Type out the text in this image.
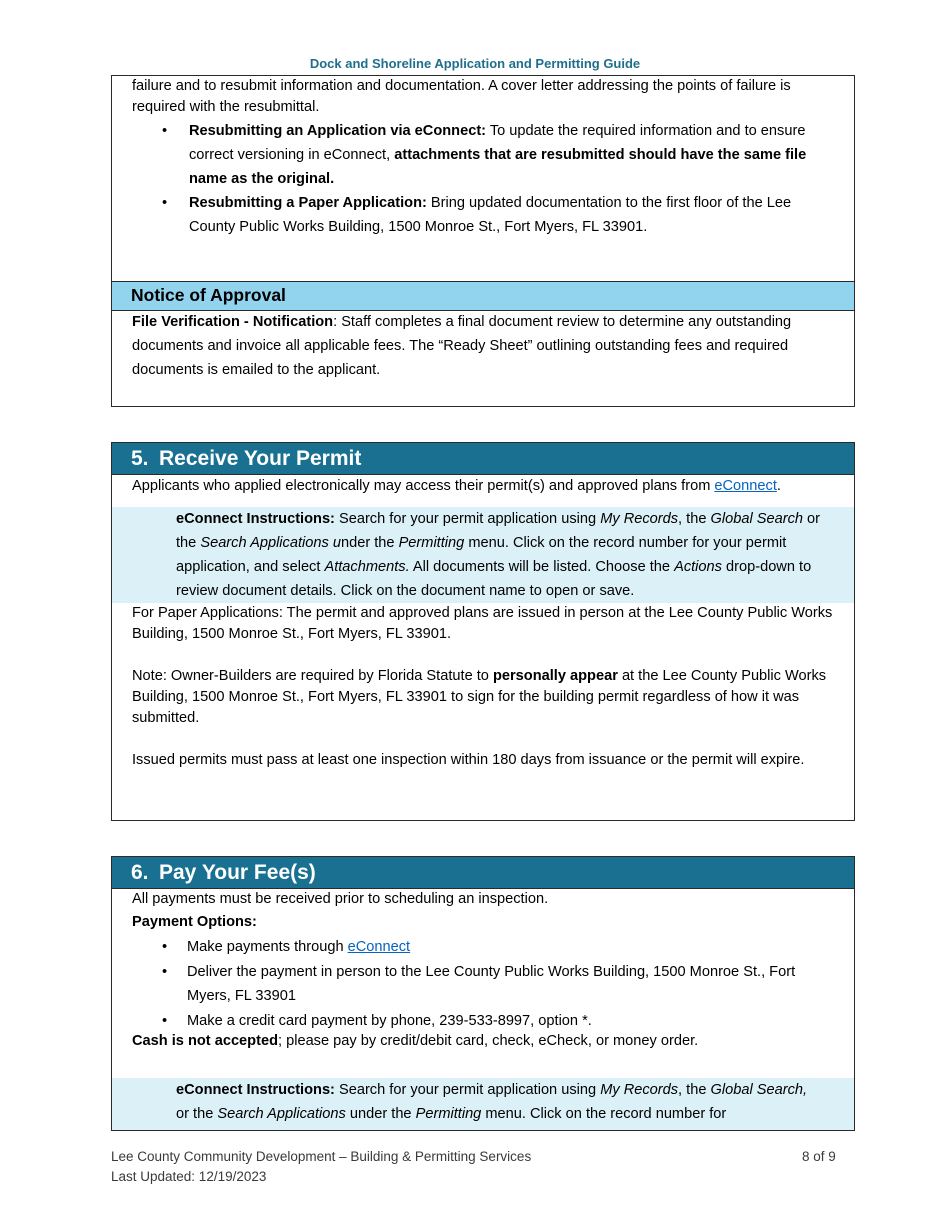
Dock and Shoreline Application and Permitting Guide

failure and to resubmit information and documentation. A cover letter addressing the points of failure is required with the resubmittal.

• Resubmitting an Application via eConnect: To update the required information and to ensure correct versioning in eConnect, attachments that are resubmitted should have the same file name as the original.
• Resubmitting a Paper Application: Bring updated documentation to the first floor of the Lee County Public Works Building, 1500 Monroe St., Fort Myers, FL 33901.
Notice of Approval

File Verification - Notification: Staff completes a final document review to determine any outstanding documents and invoice all applicable fees. The “Ready Sheet” outlining outstanding fees and required documents is emailed to the applicant.

5. Receive Your Permit

Applicants who applied electronically may access their permit(s) and approved plans from eConnect.

eConnect Instructions: Search for your permit application using My Records, the Global Search or the Search Applications under the Permitting menu. Click on the record number for your permit application, and select Attachments. All documents will be listed. Choose the Actions drop-down to review document details. Click on the document name to open or save.

For Paper Applications: The permit and approved plans are issued in person at the Lee County Public Works Building, 1500 Monroe St., Fort Myers, FL 33901.

Note: Owner-Builders are required by Florida Statute to personally appear at the Lee County Public Works Building, 1500 Monroe St., Fort Myers, FL 33901 to sign for the building permit regardless of how it was submitted.

Issued permits must pass at least one inspection within 180 days from issuance or the permit will expire.

6. Pay Your Fee(s)

All payments must be received prior to scheduling an inspection.

Payment Options:

• Make payments through eConnect
• Deliver the payment in person to the Lee County Public Works Building, 1500 Monroe St., Fort Myers, FL 33901
• Make a credit card payment by phone, 239-533-8997, option *.

Cash is not accepted; please pay by credit/debit card, check, eCheck, or money order.

eConnect Instructions: Search for your permit application using My Records, the Global Search, or the Search Applications under the Permitting menu. Click on the record number for
Lee County Community Development – Building & Permitting Services
Last Updated: 12/19/2023
8 of 9
